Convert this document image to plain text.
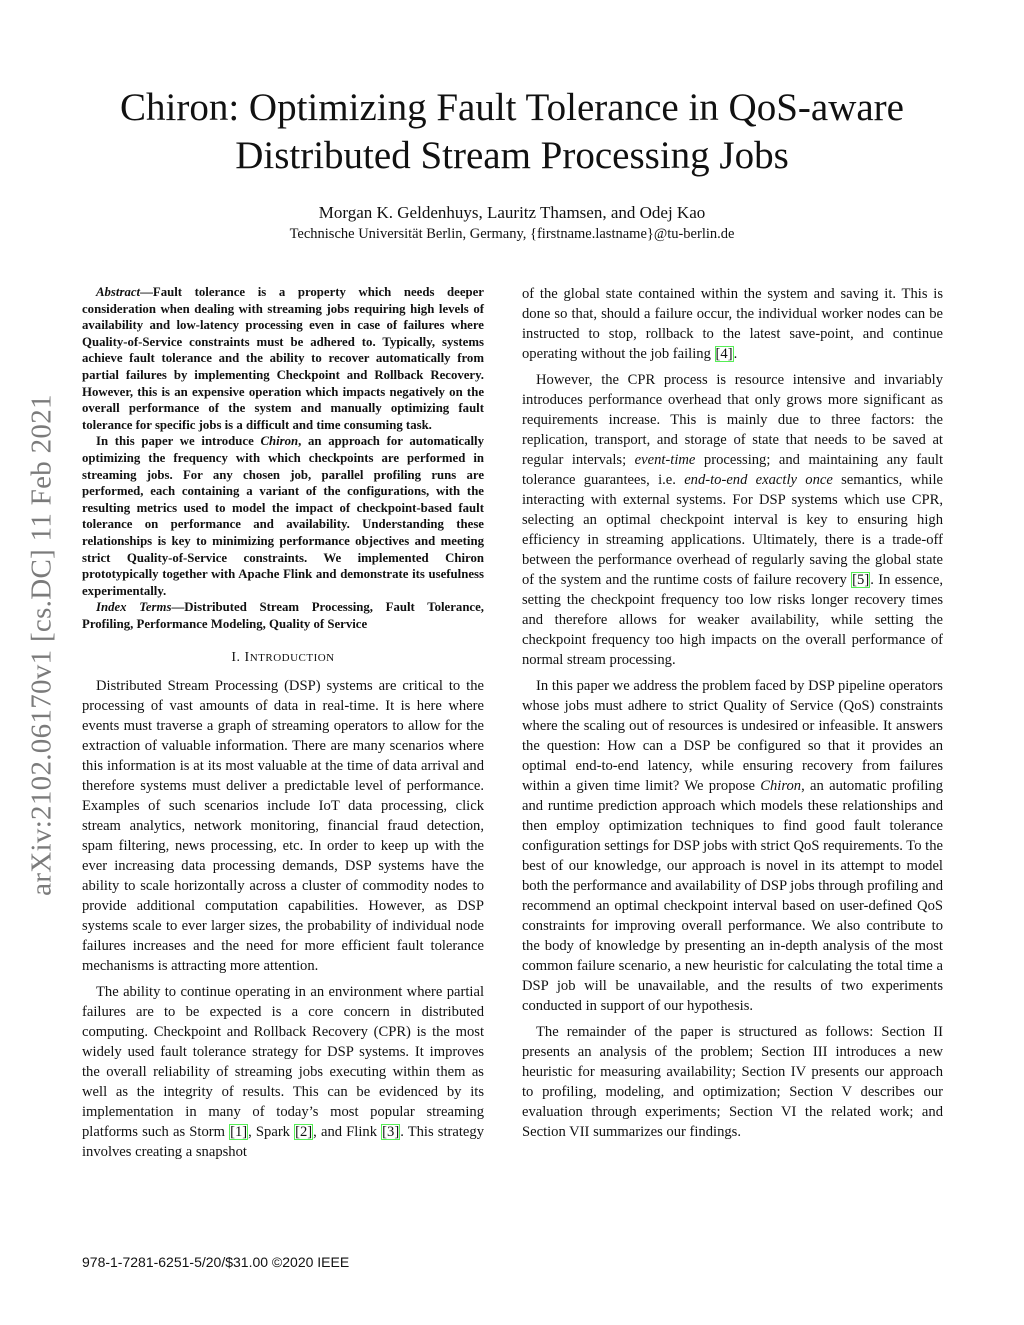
Chiron: Optimizing Fault Tolerance in QoS-aware
Distributed Stream Processing Jobs
Morgan K. Geldenhuys, Lauritz Thamsen, and Odej Kao
Technische Universität Berlin, Germany, {firstname.lastname}@tu-berlin.de
arXiv:2102.06170v1 [cs.DC] 11 Feb 2021

Abstract—Fault tolerance is a property which needs deeper consideration when dealing with streaming jobs requiring high levels of availability and low-latency processing even in case of failures where Quality-of-Service constraints must be adhered to. Typically, systems achieve fault tolerance and the ability to recover automatically from partial failures by implementing Checkpoint and Rollback Recovery. However, this is an expensive operation which impacts negatively on the overall performance of the system and manually optimizing fault tolerance for specific jobs is a difficult and time consuming task.

In this paper we introduce Chiron, an approach for automatically optimizing the frequency with which checkpoints are performed in streaming jobs. For any chosen job, parallel profiling runs are performed, each containing a variant of the configurations, with the resulting metrics used to model the impact of checkpoint-based fault tolerance on performance and availability. Understanding these relationships is key to minimizing performance objectives and meeting strict Quality-of-Service constraints. We implemented Chiron prototypically together with Apache Flink and demonstrate its usefulness experimentally.

Index Terms—Distributed Stream Processing, Fault Tolerance, Profiling, Performance Modeling, Quality of Service

I. INTRODUCTION

Distributed Stream Processing (DSP) systems are critical to the processing of vast amounts of data in real-time. It is here where events must traverse a graph of streaming operators to allow for the extraction of valuable information. There are many scenarios where this information is at its most valuable at the time of data arrival and therefore systems must deliver a predictable level of performance. Examples of such scenarios include IoT data processing, click stream analytics, network monitoring, financial fraud detection, spam filtering, news processing, etc. In order to keep up with the ever increasing data processing demands, DSP systems have the ability to scale horizontally across a cluster of commodity nodes to provide additional computation capabilities. However, as DSP systems scale to ever larger sizes, the probability of individual node failures increases and the need for more efficient fault tolerance mechanisms is attracting more attention.

The ability to continue operating in an environment where partial failures are to be expected is a core concern in distributed computing. Checkpoint and Rollback Recovery (CPR) is the most widely used fault tolerance strategy for DSP systems. It improves the overall reliability of streaming jobs executing within them as well as the integrity of results. This can be evidenced by its implementation in many of today’s most popular streaming platforms such as Storm [1], Spark [2], and Flink [3]. This strategy involves creating a snapshot

of the global state contained within the system and saving it. This is done so that, should a failure occur, the individual worker nodes can be instructed to stop, rollback to the latest save-point, and continue operating without the job failing [4].

However, the CPR process is resource intensive and invariably introduces performance overhead that only grows more significant as requirements increase. This is mainly due to three factors: the replication, transport, and storage of state that needs to be saved at regular intervals; event-time processing; and maintaining any fault tolerance guarantees, i.e. end-to-end exactly once semantics, while interacting with external systems. For DSP systems which use CPR, selecting an optimal checkpoint interval is key to ensuring high efficiency in streaming applications. Ultimately, there is a trade-off between the performance overhead of regularly saving the global state of the system and the runtime costs of failure recovery [5]. In essence, setting the checkpoint frequency too low risks longer recovery times and therefore allows for weaker availability, while setting the checkpoint frequency too high impacts on the overall performance of normal stream processing.

In this paper we address the problem faced by DSP pipeline operators whose jobs must adhere to strict Quality of Service (QoS) constraints where the scaling out of resources is undesired or infeasible. It answers the question: How can a DSP be configured so that it provides an optimal end-to-end latency, while ensuring recovery from failures within a given time limit? We propose Chiron, an automatic profiling and runtime prediction approach which models these relationships and then employ optimization techniques to find good fault tolerance configuration settings for DSP jobs with strict QoS requirements. To the best of our knowledge, our approach is novel in its attempt to model both the performance and availability of DSP jobs through profiling and recommend an optimal checkpoint interval based on user-defined QoS constraints for improving overall performance. We also contribute to the body of knowledge by presenting an in-depth analysis of the most common failure scenario, a new heuristic for calculating the total time a DSP job will be unavailable, and the results of two experiments conducted in support of our hypothesis.

The remainder of the paper is structured as follows: Section II presents an analysis of the problem; Section III introduces a new heuristic for measuring availability; Section IV presents our approach to profiling, modeling, and optimization; Section V describes our evaluation through experiments; Section VI the related work; and Section VII summarizes our findings.

978-1-7281-6251-5/20/$31.00 ©2020 IEEE
